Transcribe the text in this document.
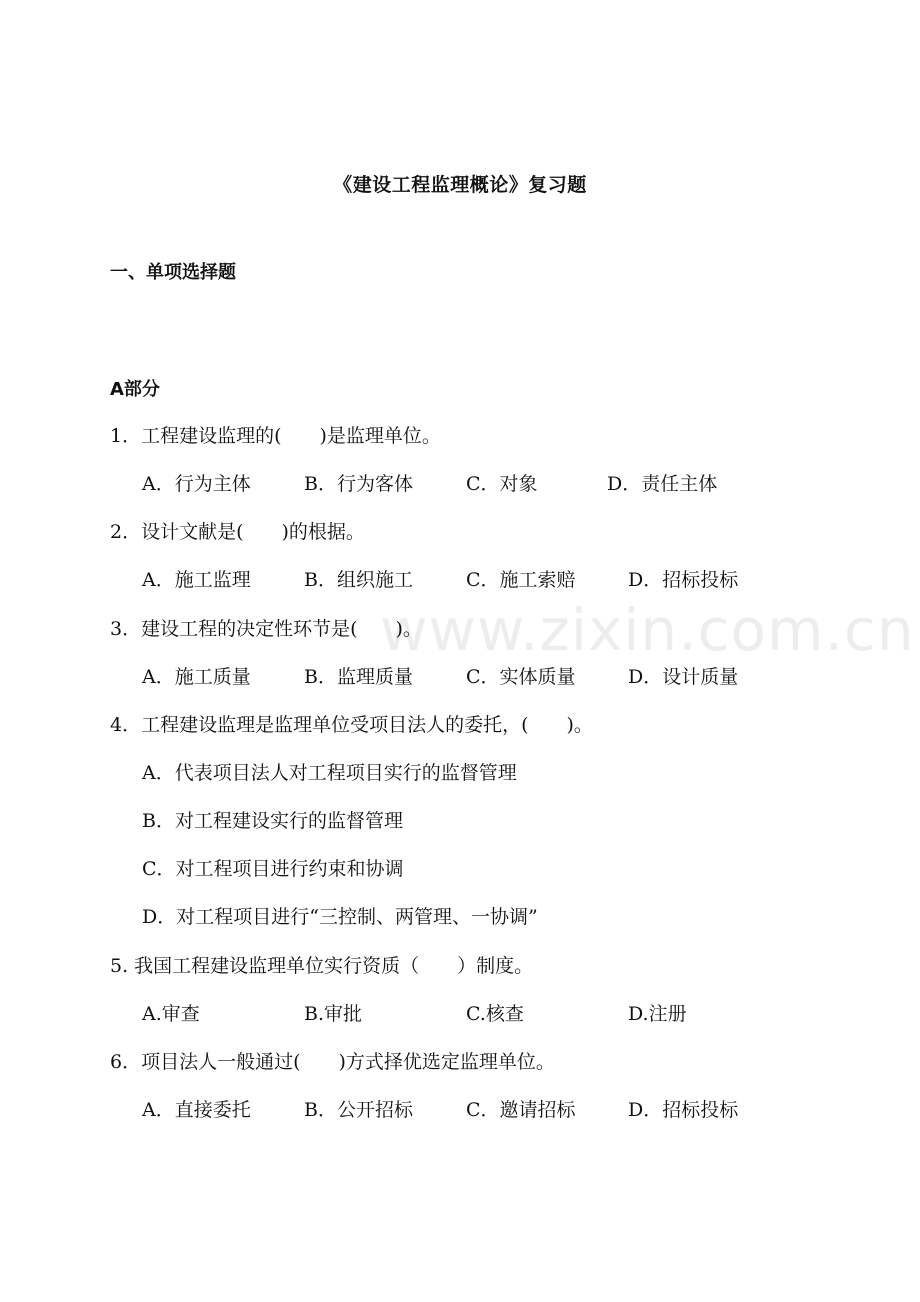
《建设工程监理概论》复习题
一、单项选择题
A部分
1．工程建设监理的(　　)是监理单位。
A．行为主体	B．行为客体	C．对象	D．责任主体
2．设计文献是(　　)的根据。
A．施工监理	B．组织施工	C．施工索赔	D．招标投标
3．建设工程的决定性环节是(　　)。
A．施工质量	B．监理质量	C．实体质量	D．设计质量
4．工程建设监理是监理单位受项目法人的委托，(　　)。
A．代表项目法人对工程项目实行的监督管理
B．对工程建设实行的监督管理
C．对工程项目进行约束和协调
D．对工程项目进行“三控制、两管理、一协调”
5. 我国工程建设监理单位实行资质（　　）制度。
A.审查	B.审批	C.核查	D.注册
6．项目法人一般通过(　　)方式择优选定监理单位。
A．直接委托	B．公开招标	C．邀请招标	D．招标投标
www.zixin.com.cn
